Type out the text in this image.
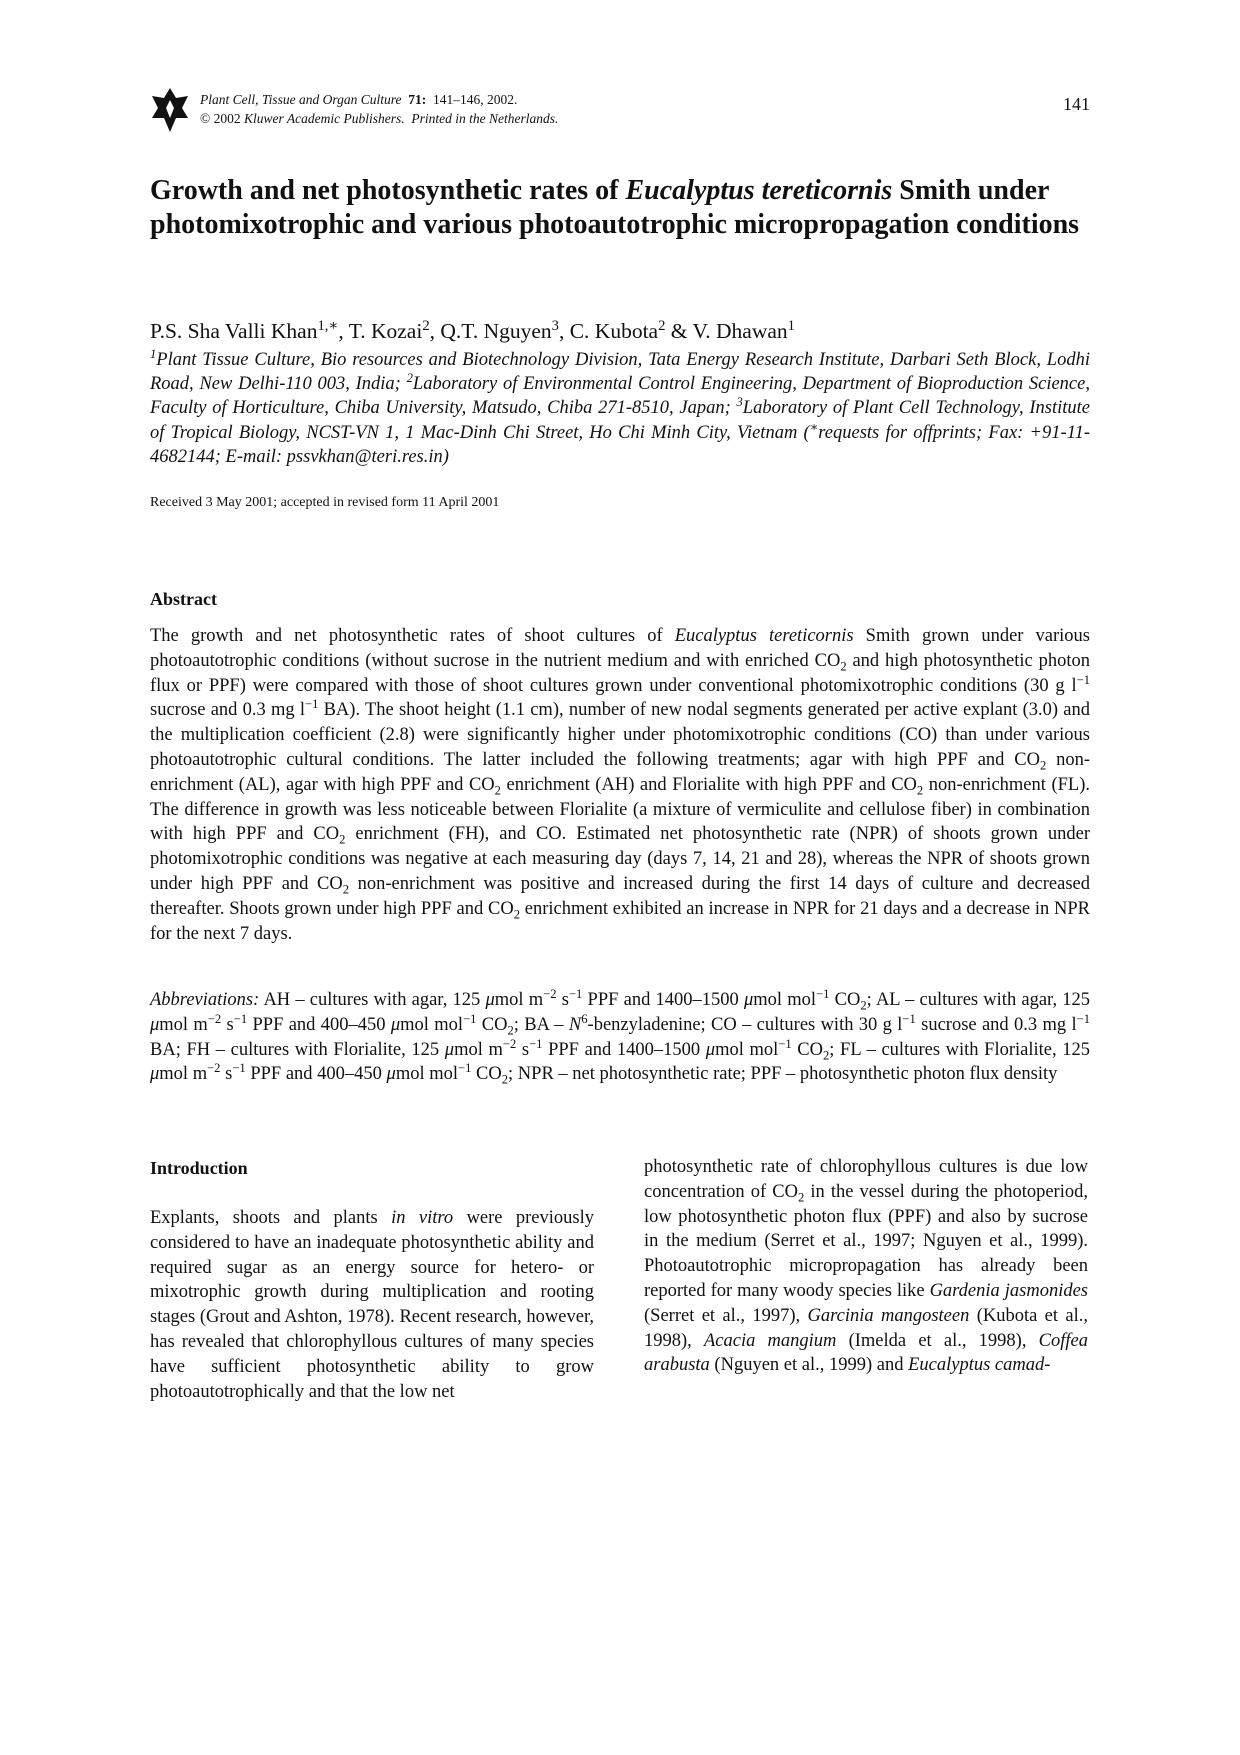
Plant Cell, Tissue and Organ Culture 71: 141–146, 2002.
© 2002 Kluwer Academic Publishers. Printed in the Netherlands.
141
Growth and net photosynthetic rates of Eucalyptus tereticornis Smith under photomixotrophic and various photoautotrophic micropropagation conditions

P.S. Sha Valli Khan$^{1,∗}$, T. Kozai$^2$, Q.T. Nguyen$^3$, C. Kubota$^2$ & V. Dhawan$^1$

$^1$Plant Tissue Culture, Bio resources and Biotechnology Division, Tata Energy Research Institute, Darbari Seth Block, Lodhi Road, New Delhi-110 003, India; $^2$Laboratory of Environmental Control Engineering, Department of Bioproduction Science, Faculty of Horticulture, Chiba University, Matsudo, Chiba 271-8510, Japan; $^3$Laboratory of Plant Cell Technology, Institute of Tropical Biology, NCST-VN 1, 1 Mac-Dinh Chi Street, Ho Chi Minh City, Vietnam (∗requests for offprints; Fax: +91-11-4682144; E-mail: pssvkhan@teri.res.in)

Received 3 May 2001; accepted in revised form 11 April 2001

Abstract

The growth and net photosynthetic rates of shoot cultures of Eucalyptus tereticornis Smith grown under various photoautotrophic conditions (without sucrose in the nutrient medium and with enriched $CO_2$ and high photosynthetic photon flux or PPF) were compared with those of shoot cultures grown under conventional photomixotrophic conditions (30 g $l^{-1}$ sucrose and 0.3 mg $l^{-1}$ BA). The shoot height (1.1 cm), number of new nodal segments generated per active explant (3.0) and the multiplication coefficient (2.8) were significantly higher under photomixotrophic conditions (CO) than under various photoautotrophic cultural conditions. The latter included the following treatments; agar with high PPF and $CO_2$ non-enrichment (AL), agar with high PPF and $CO_2$ enrichment (AH) and Florialite with high PPF and $CO_2$ non-enrichment (FL). The difference in growth was less noticeable between Florialite (a mixture of vermiculite and cellulose fiber) in combination with high PPF and $CO_2$ enrichment (FH), and CO. Estimated net photosynthetic rate (NPR) of shoots grown under photomixotrophic conditions was negative at each measuring day (days 7, 14, 21 and 28), whereas the NPR of shoots grown under high PPF and $CO_2$ non-enrichment was positive and increased during the first 14 days of culture and decreased thereafter. Shoots grown under high PPF and $CO_2$ enrichment exhibited an increase in NPR for 21 days and a decrease in NPR for the next 7 days.

Abbreviations: AH – cultures with agar, 125 μmol $m^{-2}$ $s^{-1}$ PPF and 1400–1500 μmol mol$^{-1}$ $CO_2$; AL – cultures with agar, 125 μmol $m^{-2}$ $s^{-1}$ PPF and 400–450 μmol mol$^{-1}$ $CO_2$; BA – $N^6$-benzyladenine; CO – cultures with 30 g $l^{-1}$ sucrose and 0.3 mg $l^{-1}$ BA; FH – cultures with Florialite, 125 μmol $m^{-2}$ $s^{-1}$ PPF and 1400–1500 μmol mol$^{-1}$ $CO_2$; FL – cultures with Florialite, 125 μmol $m^{-2}$ $s^{-1}$ PPF and 400–450 μmol mol$^{-1}$ $CO_2$; NPR – net photosynthetic rate; PPF – photosynthetic photon flux density

Introduction

Explants, shoots and plants in vitro were previously considered to have an inadequate photosynthetic ability and required sugar as an energy source for hetero- or mixotrophic growth during multiplication and rooting stages (Grout and Ashton, 1978). Recent research, however, has revealed that chlorophyllous cultures of many species have sufficient photosynthetic ability to grow photoautotrophically and that the low net

photosynthetic rate of chlorophyllous cultures is due low concentration of $CO_2$ in the vessel during the photoperiod, low photosynthetic photon flux (PPF) and also by sucrose in the medium (Serret et al., 1997; Nguyen et al., 1999). Photoautotrophic micropropagation has already been reported for many woody species like Gardenia jasmonides (Serret et al., 1997), Garcinia mangosteen (Kubota et al., 1998), Acacia mangium (Imelda et al., 1998), Coffea arabusta (Nguyen et al., 1999) and Eucalyptus camad-
